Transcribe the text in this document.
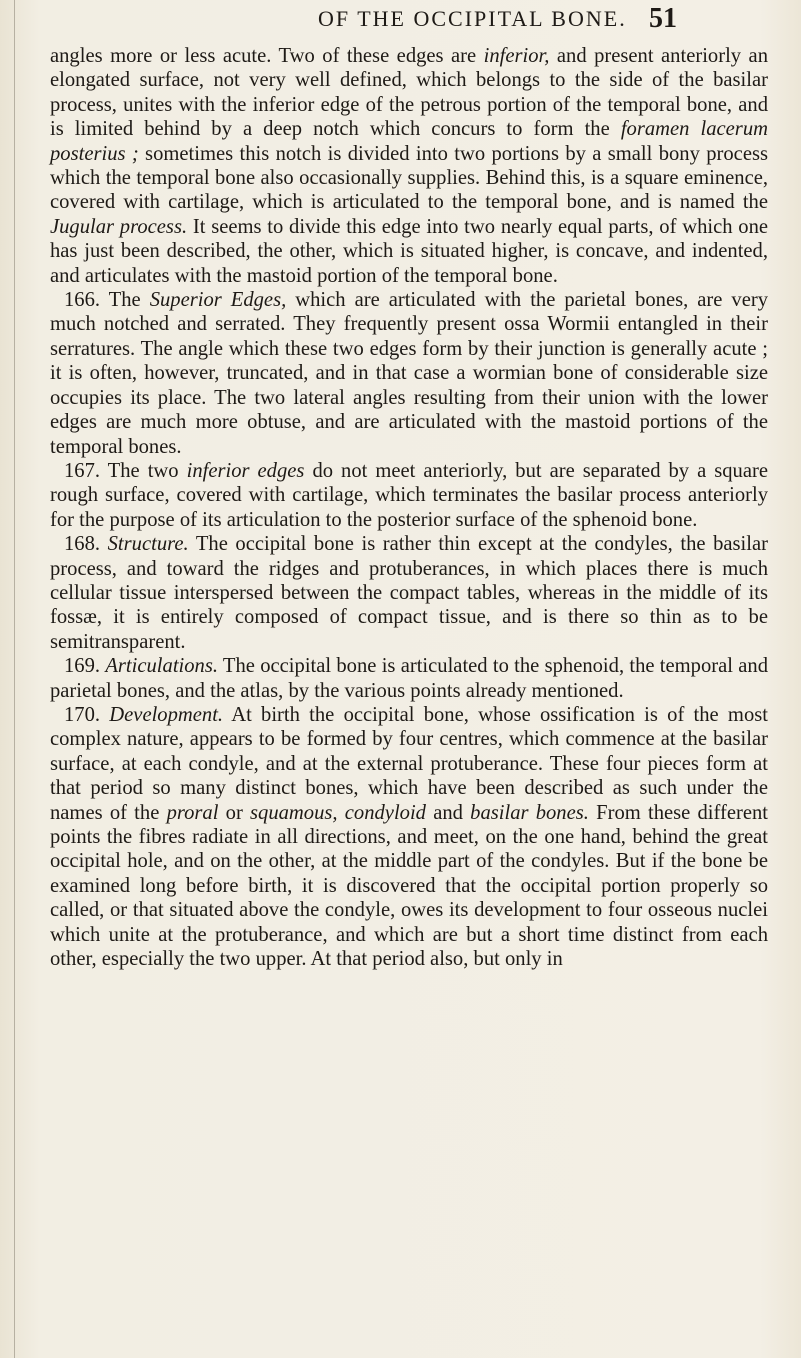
OF THE OCCIPITAL BONE. 51

angles more or less acute. Two of these edges are inferior, and present anteriorly an elongated surface, not very well defined, which belongs to the side of the basilar process, unites with the inferior edge of the petrous portion of the temporal bone, and is limited behind by a deep notch which concurs to form the foramen lacerum posterius ; sometimes this notch is divided into two portions by a small bony process which the temporal bone also occasionally supplies. Behind this, is a square eminence, covered with cartilage, which is articulated to the temporal bone, and is named the Jugular process. It seems to divide this edge into two nearly equal parts, of which one has just been described, the other, which is situated higher, is concave, and indented, and articulates with the mastoid portion of the temporal bone.

166. The Superior Edges, which are articulated with the parietal bones, are very much notched and serrated. They frequently present ossa Wormii entangled in their serratures. The angle which these two edges form by their junction is generally acute ; it is often, however, truncated, and in that case a wormian bone of considerable size occupies its place. The two lateral angles resulting from their union with the lower edges are much more obtuse, and are articulated with the mastoid portions of the temporal bones.

167. The two inferior edges do not meet anteriorly, but are separated by a square rough surface, covered with cartilage, which terminates the basilar process anteriorly for the purpose of its articulation to the posterior surface of the sphenoid bone.

168. Structure. The occipital bone is rather thin except at the condyles, the basilar process, and toward the ridges and protuberances, in which places there is much cellular tissue interspersed between the compact tables, whereas in the middle of its fossæ, it is entirely composed of compact tissue, and is there so thin as to be semitransparent.

169. Articulations. The occipital bone is articulated to the sphenoid, the temporal and parietal bones, and the atlas, by the various points already mentioned.

170. Development. At birth the occipital bone, whose ossification is of the most complex nature, appears to be formed by four centres, which commence at the basilar surface, at each condyle, and at the external protuberance. These four pieces form at that period so many distinct bones, which have been described as such under the names of the proral or squamous, condyloid and basilar bones. From these different points the fibres radiate in all directions, and meet, on the one hand, behind the great occipital hole, and on the other, at the middle part of the condyles. But if the bone be examined long before birth, it is discovered that the occipital portion properly so called, or that situated above the condyle, owes its development to four osseous nuclei which unite at the protuberance, and which are but a short time distinct from each other, especially the two upper. At that period also, but only in
